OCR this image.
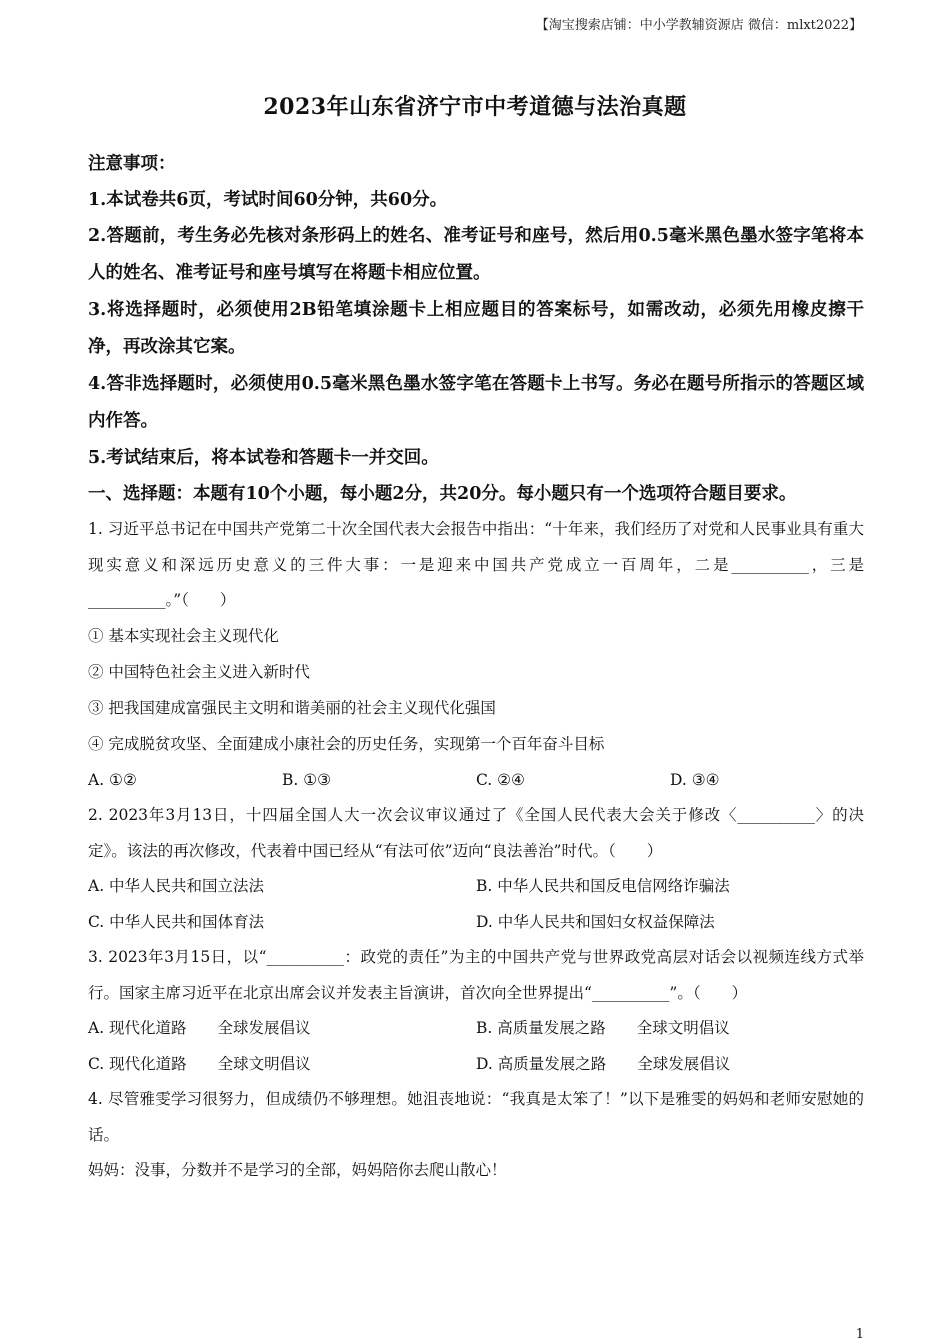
【淘宝搜索店铺：中小学教辅资源店 微信：mlxt2022】
2023年山东省济宁市中考道德与法治真题
注意事项：
1.本试卷共6页，考试时间60分钟，共60分。
2.答题前，考生务必先核对条形码上的姓名、准考证号和座号，然后用0.5毫米黑色墨水签字笔将本人的姓名、准考证号和座号填写在将题卡相应位置。
3.将选择题时，必须使用2B铅笔填涂题卡上相应题目的答案标号，如需改动，必须先用橡皮擦干净，再改涂其它案。
4.答非选择题时，必须使用0.5毫米黑色墨水签字笔在答题卡上书写。务必在题号所指示的答题区域内作答。
5.考试结束后，将本试卷和答题卡一并交回。
一、选择题：本题有10个小题，每小题2分，共20分。每小题只有一个选项符合题目要求。
1. 习近平总书记在中国共产党第二十次全国代表大会报告中指出：“十年来，我们经历了对党和人民事业具有重大现实意义和深远历史意义的三件大事：一是迎来中国共产党成立一百周年，二是__________，三是__________。”（　　）
① 基本实现社会主义现代化
② 中国特色社会主义进入新时代
③ 把我国建成富强民主文明和谐美丽的社会主义现代化强国
④ 完成脱贫攻坚、全面建成小康社会的历史任务，实现第一个百年奋斗目标
A. ①②	B. ①③	C. ②④	D. ③④
2. 2023年3月13日，十四届全国人大一次会议审议通过了《全国人民代表大会关于修改〈__________〉的决定》。该法的再次修改，代表着中国已经从“有法可依”迈向“良法善治”时代。（　　）
A. 中华人民共和国立法法	B. 中华人民共和国反电信网络诈骗法
C. 中华人民共和国体育法	D. 中华人民共和国妇女权益保障法
3. 2023年3月15日，以“__________：政党的责任”为主的中国共产党与世界政党高层对话会以视频连线方式举行。国家主席习近平在北京出席会议并发表主旨演讲，首次向全世界提出“__________”。（　　）
A. 现代化道路　　全球发展倡议	B. 高质量发展之路　　全球文明倡议
C. 现代化道路　　全球文明倡议	D. 高质量发展之路　　全球发展倡议
4. 尽管雅雯学习很努力，但成绩仍不够理想。她沮丧地说：“我真是太笨了！”以下是雅雯的妈妈和老师安慰她的话。
妈妈：没事，分数并不是学习的全部，妈妈陪你去爬山散心！
1
